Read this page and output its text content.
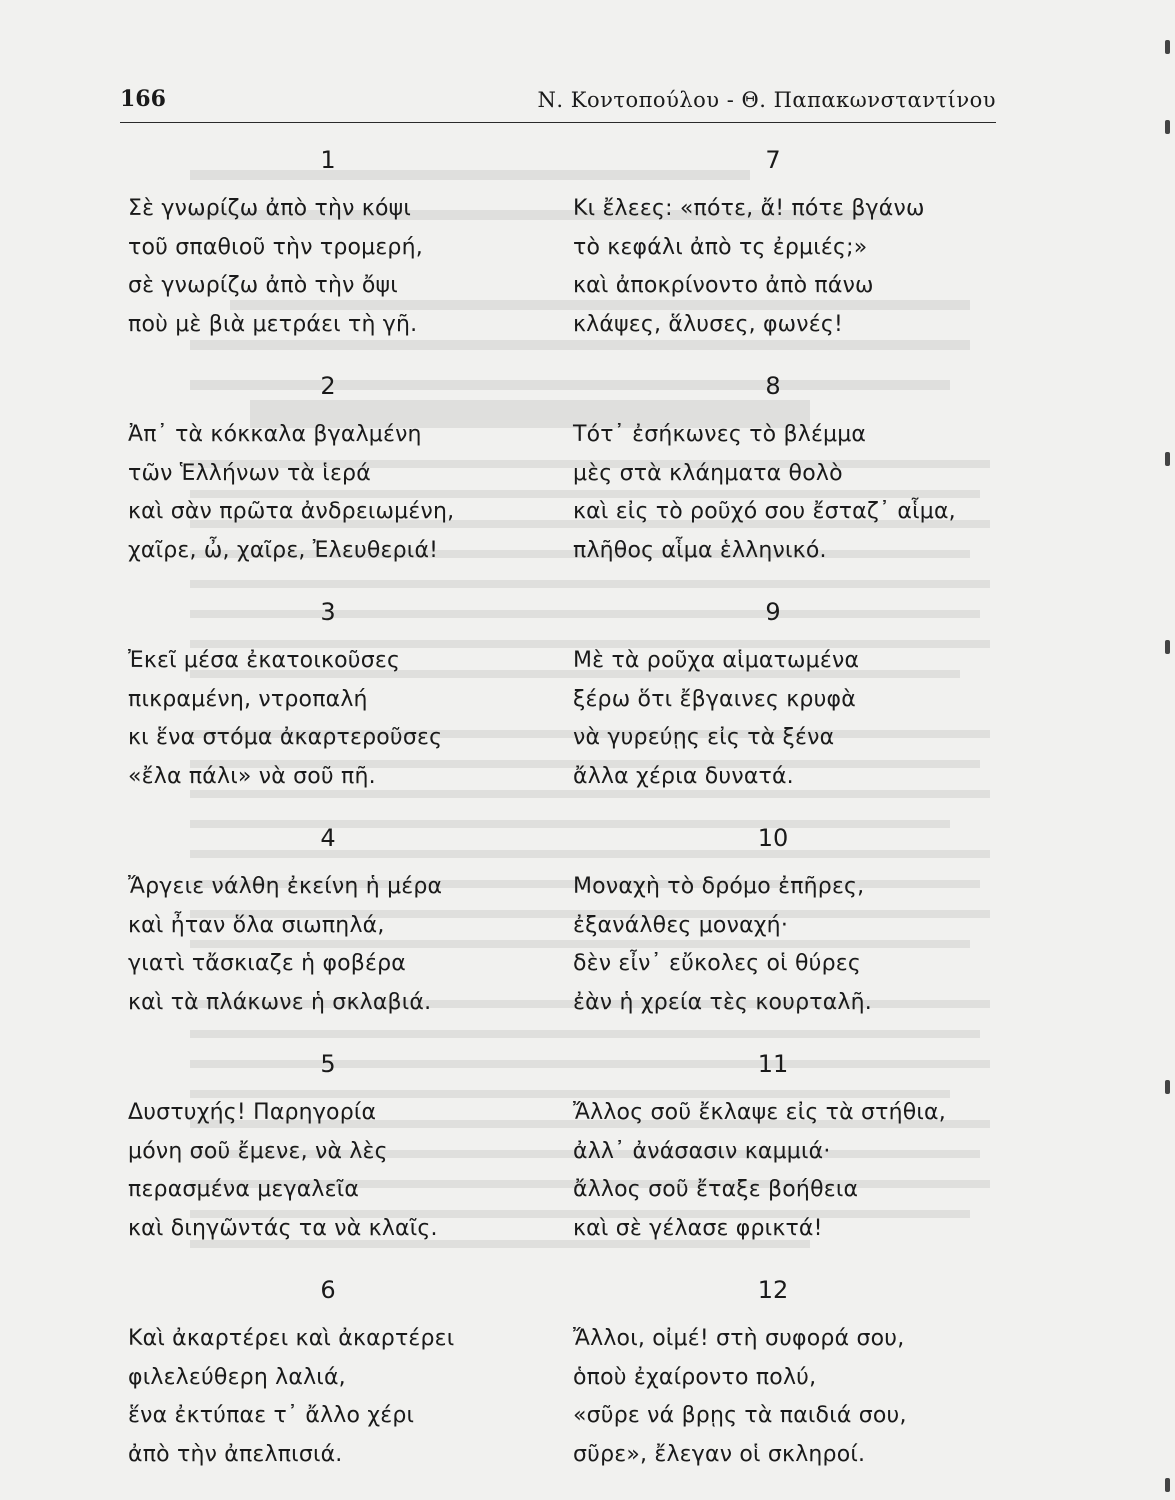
166	Ν. Κοντοπούλου - Θ. Παπακωνσταντίνου
1
Σὲ γνωρίζω ἀπὸ τὴν κόψι
τοῦ σπαθιοῦ τὴν τρομερή,
σὲ γνωρίζω ἀπὸ τὴν ὄψι
ποὺ μὲ βιὰ μετράει τὴ γῆ.
2
Ἀπ᾽ τὰ κόκκαλα βγαλμένη
τῶν Ἑλλήνων τὰ ἱερά
καὶ σὰν πρῶτα ἀνδρειωμένη,
χαῖρε, ὦ, χαῖρε, Ἐλευθεριά!
3
Ἐκεῖ μέσα ἐκατοικοῦσες
πικραμένη, ντροπαλή
κι ἕνα στόμα ἀκαρτεροῦσες
«ἔλα πάλι» νὰ σοῦ πῆ.
4
Ἄργειε νάλθη ἐκείνη ἡ μέρα
καὶ ἦταν ὅλα σιωπηλά,
γιατὶ τἄσκιαζε ἡ φοβέρα
καὶ τὰ πλάκωνε ἡ σκλαβιά.
5
Δυστυχής! Παρηγορία
μόνη σοῦ ἔμενε, νὰ λὲς
περασμένα μεγαλεῖα
καὶ διηγῶντάς τα νὰ κλαῖς.
6
Καὶ ἀκαρτέρει καὶ ἀκαρτέρει
φιλελεύθερη λαλιά,
ἕνα ἐκτύπαε τ᾽ ἄλλο χέρι
ἀπὸ τὴν ἀπελπισιά.
7
Κι ἔλεες: «πότε, ἄ! πότε βγάνω
τὸ κεφάλι ἀπὸ τς ἐρμιές;»
καὶ ἀποκρίνοντο ἀπὸ πάνω
κλάψες, ἅλυσες, φωνές!
8
Τότ᾽ ἐσήκωνες τὸ βλέμμα
μὲς στὰ κλάηματα θολὸ
καὶ εἰς τὸ ροῦχό σου ἔσταζ᾽ αἷμα,
πλῆθος αἷμα ἑλληνικό.
9
Μὲ τὰ ροῦχα αἱματωμένα
ξέρω ὅτι ἔβγαινες κρυφὰ
νὰ γυρεύῃς εἰς τὰ ξένα
ἄλλα χέρια δυνατά.
10
Μοναχὴ τὸ δρόμο ἐπῆρες,
ἐξανάλθες μοναχή·
δὲν εἶν᾽ εὔκολες οἱ θύρες
ἐὰν ἡ χρεία τὲς κουρταλῆ.
11
Ἄλλος σοῦ ἔκλαψε εἰς τὰ στήθια,
ἀλλ᾽ ἀνάσασιν καμμιά·
ἄλλος σοῦ ἔταξε βοήθεια
καὶ σὲ γέλασε φρικτά!
12
Ἄλλοι, οἰμέ! στὴ συφορά σου,
ὁποὺ ἐχαίροντο πολύ,
«σῦρε νά βρῃς τὰ παιδιά σου,
σῦρε», ἔλεγαν οἱ σκληροί.
